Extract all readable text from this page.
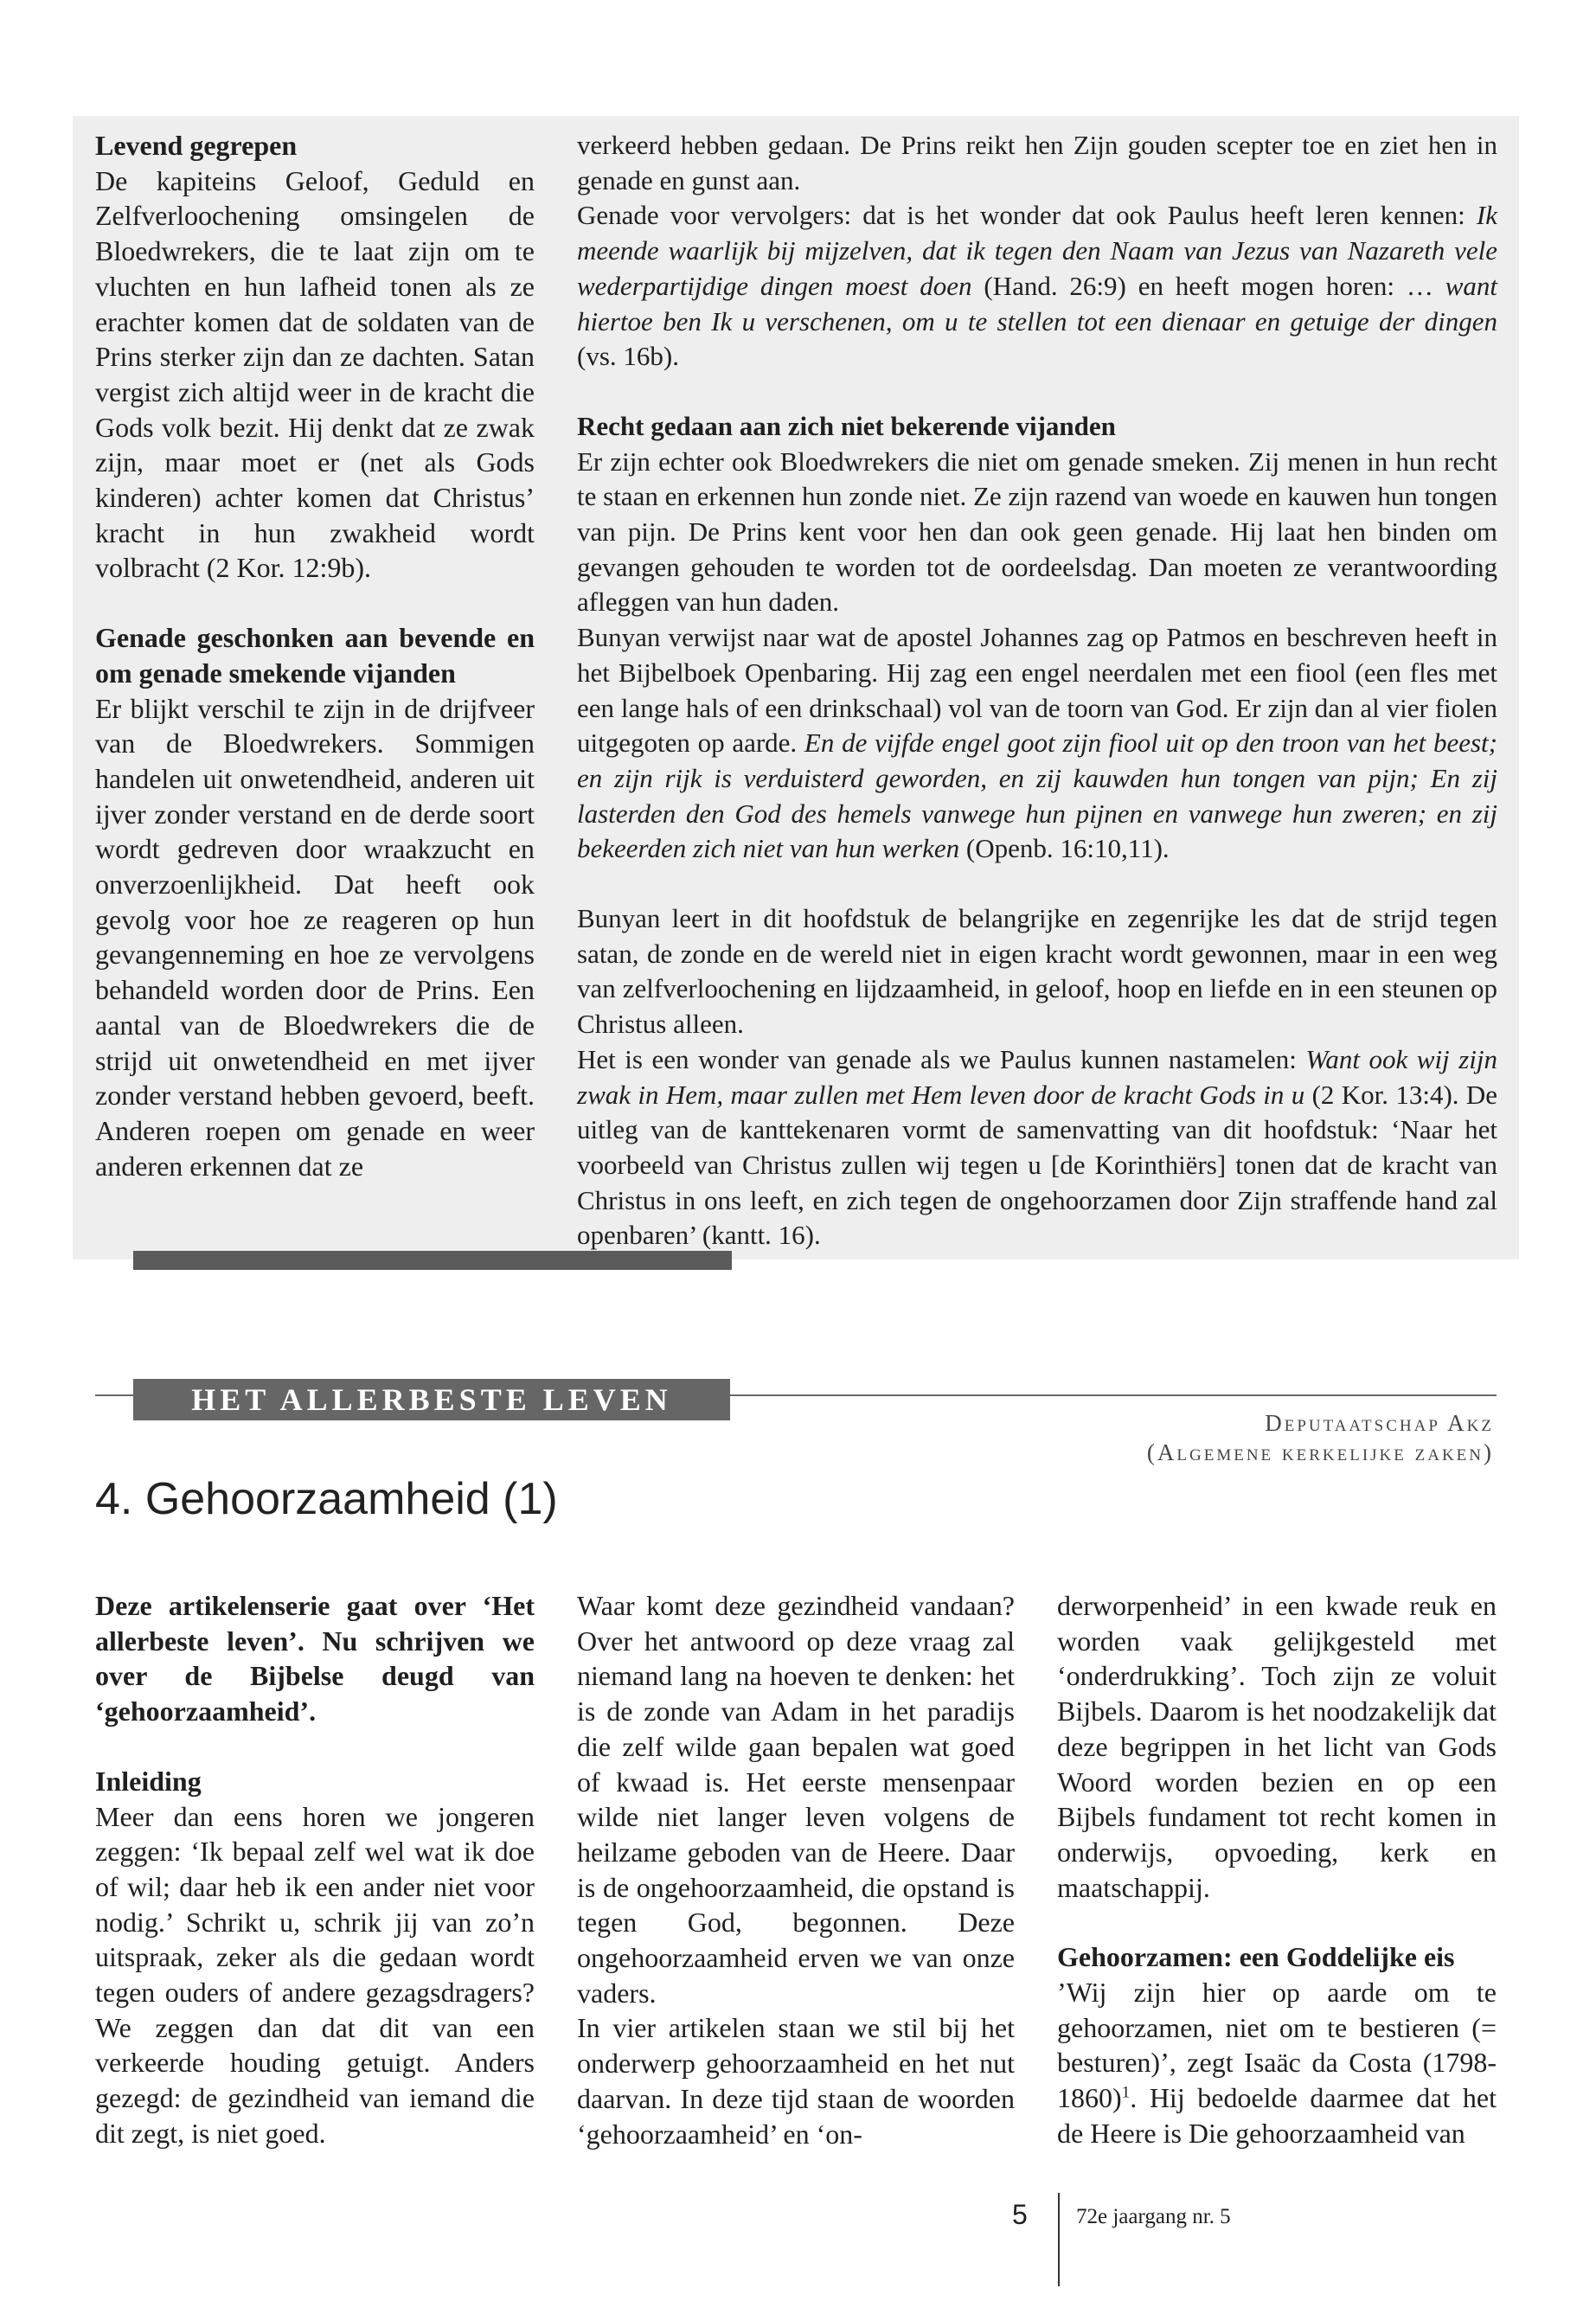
Levend gegrepen

De kapiteins Geloof, Geduld en Zelfverloochening omsingelen de Bloedwrekers, die te laat zijn om te vluchten en hun lafheid tonen als ze erachter komen dat de soldaten van de Prins sterker zijn dan ze dachten. Satan vergist zich altijd weer in de kracht die Gods volk bezit. Hij denkt dat ze zwak zijn, maar moet er (net als Gods kinderen) achter komen dat Christus’ kracht in hun zwakheid wordt volbracht (2 Kor. 12:9b).

Genade geschonken aan bevende en om genade smekende vijanden

Er blijkt verschil te zijn in de drijfveer van de Bloedwrekers. Sommigen handelen uit onwetendheid, anderen uit ijver zonder verstand en de derde soort wordt gedreven door wraakzucht en onverzoenlijkheid. Dat heeft ook gevolg voor hoe ze reageren op hun gevangenneming en hoe ze vervolgens behandeld worden door de Prins. Een aantal van de Bloedwrekers die de strijd uit onwetendheid en met ijver zonder verstand hebben gevoerd, beeft. Anderen roepen om genade en weer anderen erkennen dat ze

verkeerd hebben gedaan. De Prins reikt hen Zijn gouden scepter toe en ziet hen in genade en gunst aan.

Genade voor vervolgers: dat is het wonder dat ook Paulus heeft leren kennen: Ik meende waarlijk bij mijzelven, dat ik tegen den Naam van Jezus van Nazareth vele wederpartijdige dingen moest doen (Hand. 26:9) en heeft mogen horen: … want hiertoe ben Ik u verschenen, om u te stellen tot een dienaar en getuige der dingen (vs. 16b).

Recht gedaan aan zich niet bekerende vijanden

Er zijn echter ook Bloedwrekers die niet om genade smeken. Zij menen in hun recht te staan en erkennen hun zonde niet. Ze zijn razend van woede en kauwen hun tongen van pijn. De Prins kent voor hen dan ook geen genade. Hij laat hen binden om gevangen gehouden te worden tot de oordeelsdag. Dan moeten ze verantwoording afleggen van hun daden.

Bunyan verwijst naar wat de apostel Johannes zag op Patmos en beschreven heeft in het Bijbelboek Openbaring. Hij zag een engel neerdalen met een fiool (een fles met een lange hals of een drinkschaal) vol van de toorn van God. Er zijn dan al vier fiolen uitgegoten op aarde. En de vijfde engel goot zijn fiool uit op den troon van het beest; en zijn rijk is verduisterd geworden, en zij kauwden hun tongen van pijn; En zij lasterden den God des hemels vanwege hun pijnen en vanwege hun zweren; en zij bekeerden zich niet van hun werken (Openb. 16:10,11).

Bunyan leert in dit hoofdstuk de belangrijke en zegenrijke les dat de strijd tegen satan, de zonde en de wereld niet in eigen kracht wordt gewonnen, maar in een weg van zelfverloochening en lijdzaamheid, in geloof, hoop en liefde en in een steunen op Christus alleen.

Het is een wonder van genade als we Paulus kunnen nastamelen: Want ook wij zijn zwak in Hem, maar zullen met Hem leven door de kracht Gods in u (2 Kor. 13:4). De uitleg van de kanttekenaren vormt de samenvatting van dit hoofdstuk: ‘Naar het voorbeeld van Christus zullen wij tegen u [de Korinthiërs] tonen dat de kracht van Christus in ons leeft, en zich tegen de ongehoorzamen door Zijn straffende hand zal openbaren’ (kantt. 16).

HET ALLERBESTE LEVEN
Deputaatschap Akz
(Algemene kerkelijke zaken)
4. Gehoorzaamheid (1)

Deze artikelenserie gaat over ‘Het allerbeste leven’. Nu schrijven we over de Bijbelse deugd van ‘gehoorzaamheid’.

Inleiding

Meer dan eens horen we jongeren zeggen: ‘Ik bepaal zelf wel wat ik doe of wil; daar heb ik een ander niet voor nodig.’ Schrikt u, schrik jij van zo’n uitspraak, zeker als die gedaan wordt tegen ouders of andere gezagsdragers? We zeggen dan dat dit van een verkeerde houding getuigt. Anders gezegd: de gezindheid van iemand die dit zegt, is niet goed.

Waar komt deze gezindheid vandaan? Over het antwoord op deze vraag zal niemand lang na hoeven te denken: het is de zonde van Adam in het paradijs die zelf wilde gaan bepalen wat goed of kwaad is. Het eerste mensenpaar wilde niet langer leven volgens de heilzame geboden van de Heere. Daar is de ongehoorzaamheid, die opstand is tegen God, begonnen. Deze ongehoorzaamheid erven we van onze vaders.

In vier artikelen staan we stil bij het onderwerp gehoorzaamheid en het nut daarvan. In deze tijd staan de woorden ‘gehoorzaamheid’ en ‘on-

derworpenheid’ in een kwade reuk en worden vaak gelijkgesteld met ‘onderdrukking’. Toch zijn ze voluit Bijbels. Daarom is het noodzakelijk dat deze begrippen in het licht van Gods Woord worden bezien en op een Bijbels fundament tot recht komen in onderwijs, opvoeding, kerk en maatschappij.

Gehoorzamen: een Goddelijke eis

’Wij zijn hier op aarde om te gehoorzamen, niet om te bestieren (= besturen)’, zegt Isaäc da Costa (1798-1860)$^1$. Hij bedoelde daarmee dat het de Heere is Die gehoorzaamheid van

5 72e jaargang nr. 5
